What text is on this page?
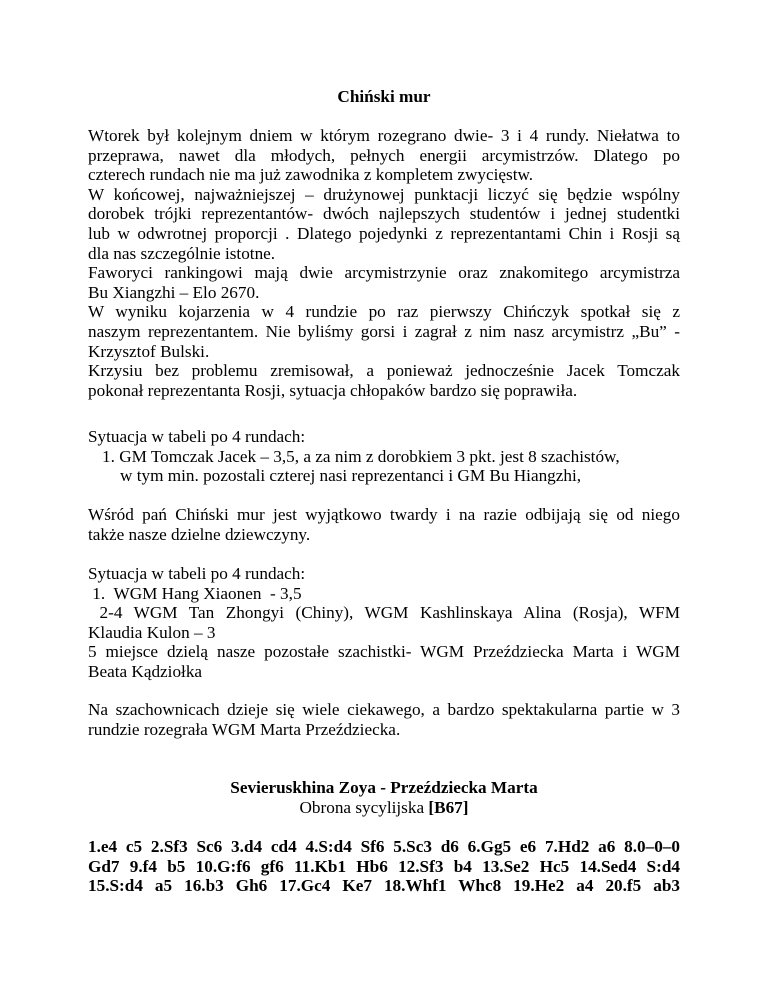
Chiński mur
Wtorek był kolejnym dniem w którym rozegrano dwie- 3 i 4 rundy. Niełatwa to
przeprawa, nawet dla młodych, pełnych energii arcymistrzów. Dlatego po
czterech rundach nie ma już zawodnika z kompletem zwycięstw.
W końcowej, najważniejszej – drużynowej punktacji liczyć się będzie wspólny
dorobek trójki reprezentantów- dwóch najlepszych studentów i jednej studentki
lub w odwrotnej proporcji . Dlatego pojedynki z reprezentantami Chin i Rosji są
dla nas szczególnie istotne.
Faworyci rankingowi mają dwie arcymistrzynie oraz znakomitego arcymistrza
Bu Xiangzhi – Elo 2670.
W wyniku kojarzenia w 4 rundzie po raz pierwszy Chińczyk spotkał się z
naszym reprezentantem. Nie byliśmy gorsi i zagrał z nim nasz arcymistrz „Bu” -
Krzysztof Bulski.
Krzysiu bez problemu zremisował, a ponieważ jednocześnie Jacek Tomczak
pokonał reprezentanta Rosji, sytuacja chłopaków bardzo się poprawiła.
Sytuacja w tabeli po 4 rundach:
1. GM Tomczak Jacek – 3,5, a za nim z dorobkiem 3 pkt. jest 8 szachistów,
w tym min. pozostali czterej nasi reprezentanci i GM Bu Hiangzhi,
Wśród pań Chiński mur jest wyjątkowo twardy i na razie odbijają się od niego
także nasze dzielne dziewczyny.
Sytuacja w tabeli po 4 rundach:
1.  WGM Hang Xiaonen  - 3,5
2-4 WGM Tan Zhongyi (Chiny), WGM Kashlinskaya Alina (Rosja), WFM
Klaudia Kulon – 3
5 miejsce dzielą nasze pozostałe szachistki- WGM Przeździecka Marta i WGM
Beata Kądziołka
Na szachownicach dzieje się wiele ciekawego, a bardzo spektakularna partie w 3
rundzie rozegrała WGM Marta Przeździecka.
Sevieruskhina Zoya - Przeździecka Marta
Obrona sycylijska [B67]
1.e4 c5 2.Sf3 Sc6 3.d4 cd4 4.S:d4 Sf6 5.Sc3 d6 6.Gg5 e6 7.Hd2 a6 8.0–0–0
Gd7 9.f4 b5 10.G:f6 gf6 11.Kb1 Hb6 12.Sf3 b4 13.Se2 Hc5 14.Sed4 S:d4
15.S:d4 a5 16.b3 Gh6 17.Gc4 Ke7 18.Whf1 Whc8 19.He2 a4 20.f5 ab3
